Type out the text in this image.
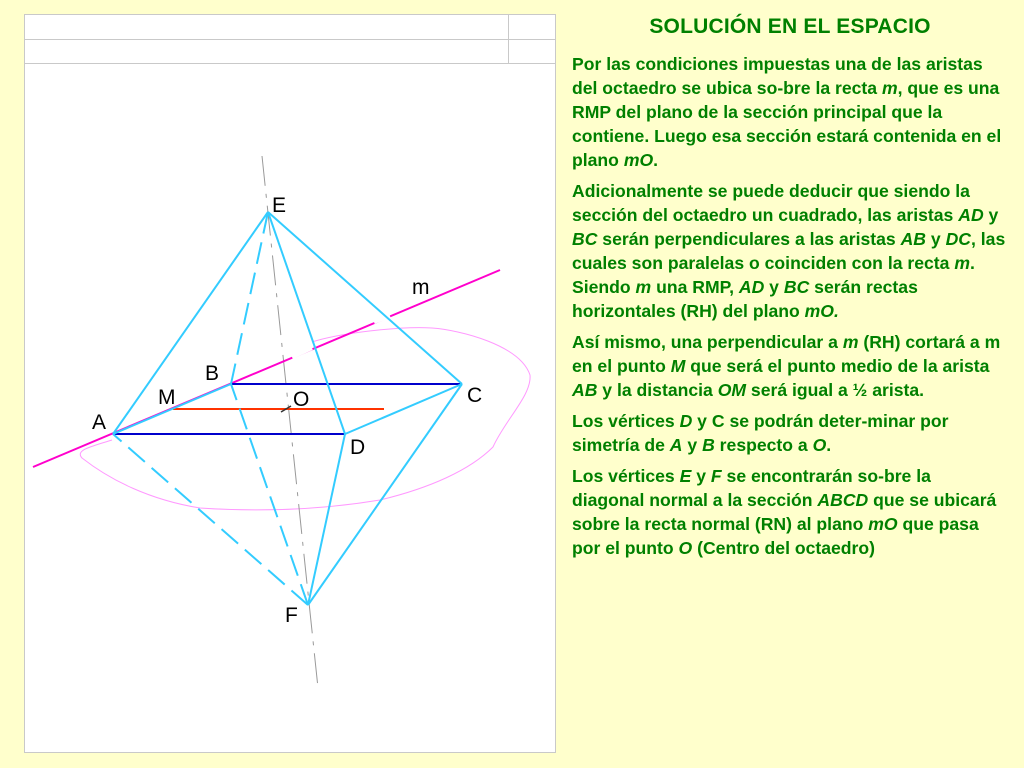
E
m
B
M	O	C
A
D
F
SOLUCIÓN EN EL ESPACIO

Por las condiciones impuestas una de las aristas del octaedro se ubica so-bre la recta m, que es una RMP del plano de la sección principal que la contiene. Luego esa sección estará contenida en el plano mO.

Adicionalmente se puede deducir que siendo la sección del octaedro un cuadrado, las aristas AD y BC serán perpendiculares a las aristas AB y DC, las cuales son paralelas o coinciden con la recta m. Siendo m una RMP, AD y BC serán rectas horizontales (RH) del plano mO.

Así mismo, una perpendicular a m (RH) cortará a m en el punto M que será el punto medio de la arista AB y la distancia OM será igual a ½ arista.

Los vértices D y C se podrán deter-minar por simetría de A y B respecto a O.

Los vértices E y F se encontrarán so-bre la diagonal normal a la sección ABCD que se ubicará sobre la recta normal (RN) al plano mO que pasa por el punto O (Centro del octaedro)
